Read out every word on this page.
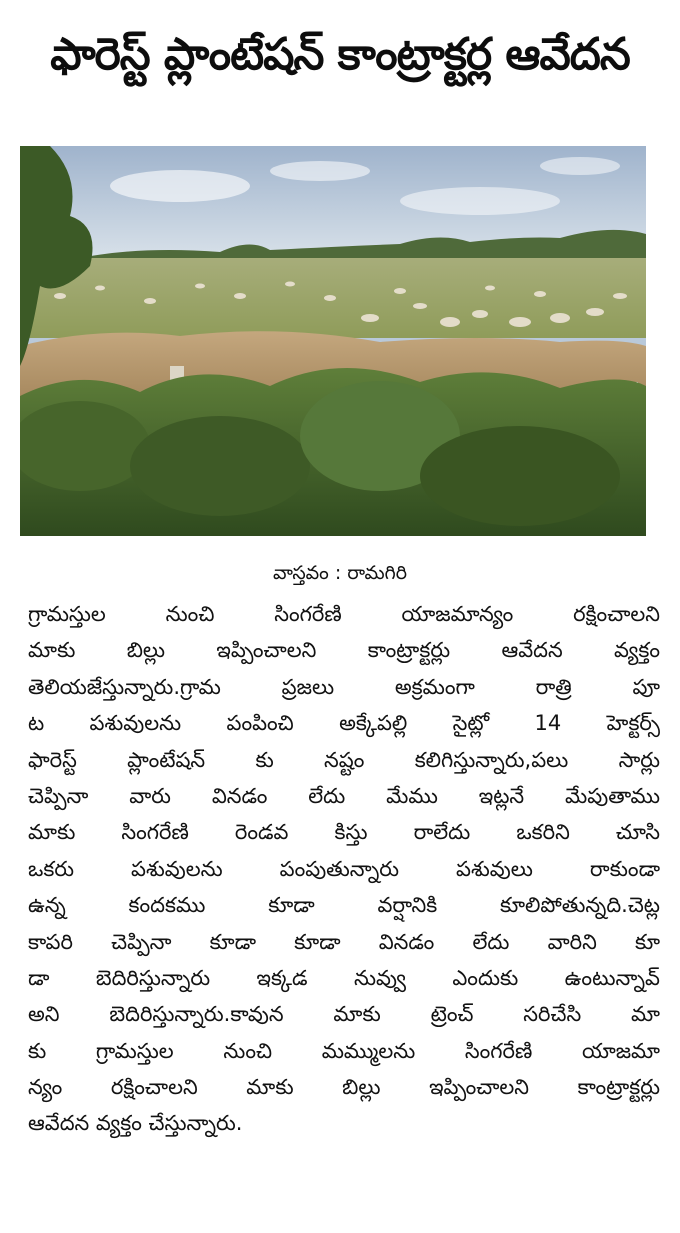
ఫారెస్ట్ ప్లాంటేషన్ కాంట్రాక్టర్ల ఆవేదన
వాస్తవం : రామగిరి
గ్రామస్తుల నుంచి సింగరేణి యాజమాన్యం రక్షించాలని
మాకు బిల్లు ఇప్పించాలని కాంట్రాక్టర్లు ఆవేదన వ్యక్తం
తెలియజేస్తున్నారు.గ్రామ ప్రజలు అక్రమంగా రాత్రి పూ
ట పశువులను పంపించి అక్కేపల్లి సైట్లో 14 హెక్టర్స్
ఫారెస్ట్ ప్లాంటేషన్ కు నష్టం కలిగిస్తున్నారు,పలు సార్లు
చెప్పినా వారు వినడం లేదు మేము ఇట్లనే మేపుతాము
మాకు సింగరేణి రెండవ కిస్తు రాలేదు ఒకరిని చూసి
ఒకరు పశువులను పంపుతున్నారు పశువులు రాకుండా
ఉన్న కందకము కూడా వర్షానికి కూలిపోతున్నది.చెట్ల
కాపరి చెప్పినా కూడా కూడా వినడం లేదు వారిని కూ
డా బెదిరిస్తున్నారు ఇక్కడ నువ్వు ఎందుకు ఉంటున్నావ్
అని బెదిరిస్తున్నారు.కావున మాకు ట్రెంచ్ సరిచేసి మా
కు గ్రామస్తుల నుంచి మమ్ములను సింగరేణి యాజమా
న్యం రక్షించాలని మాకు బిల్లు ఇప్పించాలని కాంట్రాక్టర్లు
ఆవేదన వ్యక్తం చేస్తున్నారు.
